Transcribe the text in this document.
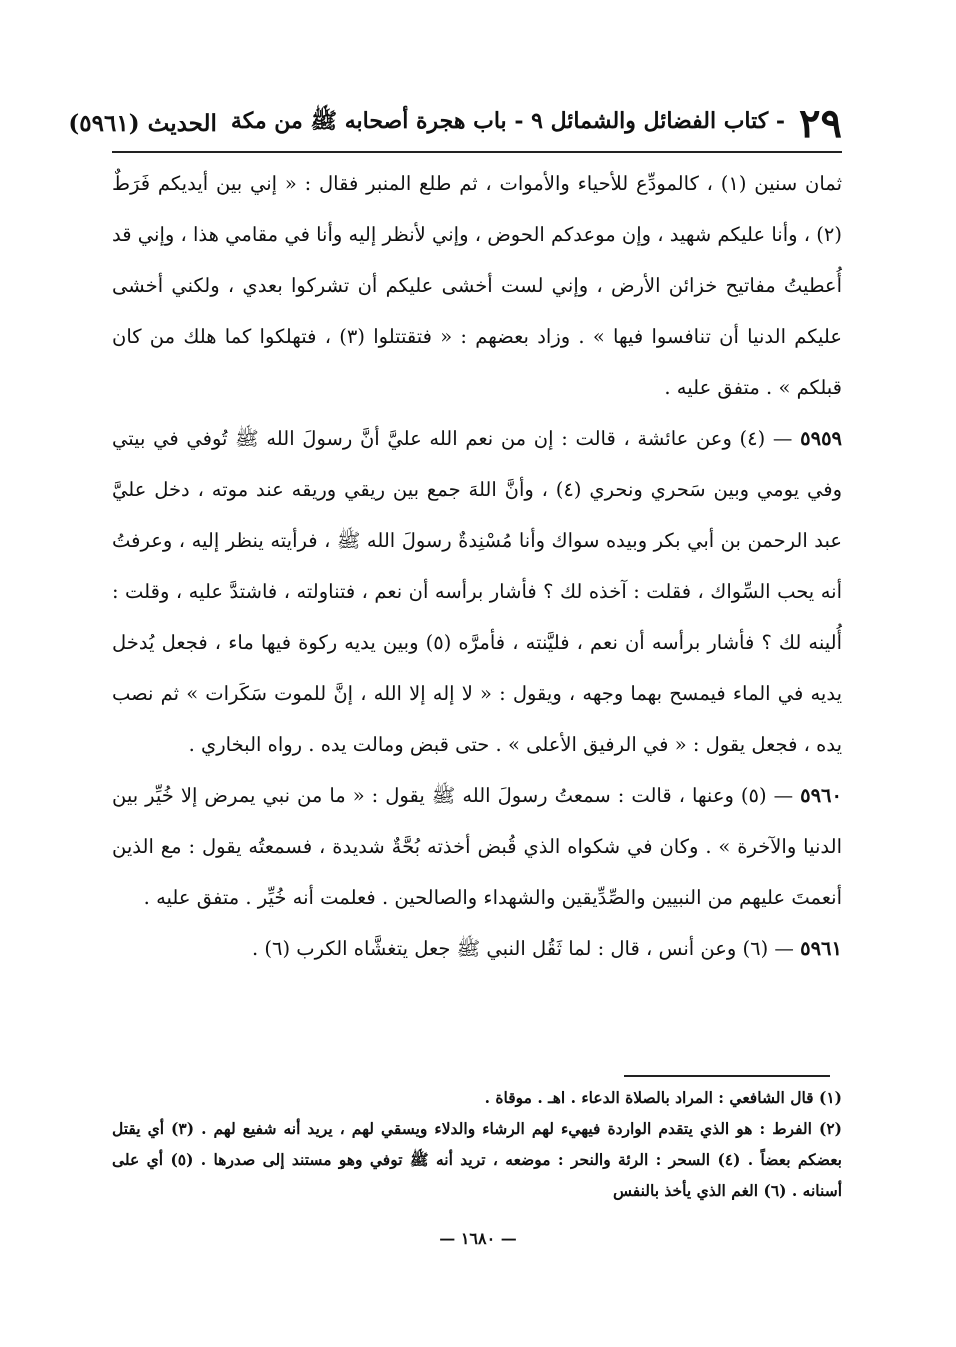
٢٩
- كتاب الفضائل والشمائل ٩ - باب هجرة أصحابه ﷺ من مكة
الحديث (٥٩٦١)

ثمان سنين (١) ، كالمودِّع للأحياء والأموات ، ثم طلع المنبر فقال : « إني بين أيديكم فَرَطٌ (٢) ، وأنا عليكم شهيد ، وإن موعدكم الحوض ، وإني لأنظر إليه وأنا في مقامي هذا ، وإني قد أُعطيتُ مفاتيح خزائن الأرض ، وإني لست أخشى عليكم أن تشركوا بعدي ، ولكني أخشى عليكم الدنيا أن تنافسوا فيها » . وزاد بعضهم : « فتقتتلوا (٣) ، فتهلكوا كما هلك من كان قبلكم » . متفق عليه .

٥٩٥٩ — (٤) وعن عائشة ، قالت : إن من نعم الله عليَّ أنَّ رسولَ الله ﷺ تُوفي في بيتي وفي يومي وبين سَحري ونحري (٤) ، وأنَّ اللهَ جمع بين ريقي وريقه عند موته ، دخل عليَّ عبد الرحمن بن أبي بكر وبيده سواك وأنا مُسْنِدةٌ رسولَ الله ﷺ ، فرأيته ينظر إليه ، وعرفتُ أنه يحب السِّواك ، فقلت : آخذه لك ؟ فأشار برأسه أن نعم ، فتناولته ، فاشتدَّ عليه ، وقلت : أُلينه لك ؟ فأشار برأسه أن نعم ، فليَّنته ، فأمرَّه (٥) وبين يديه ركوة فيها ماء ، فجعل يُدخل يديه في الماء فيمسح بهما وجهه ، ويقول : « لا إله إلا الله ، إنَّ للموت سَكَرات » ثم نصب يده ، فجعل يقول : « في الرفيق الأعلى » . حتى قبض ومالت يده . رواه البخاري .

٥٩٦٠ — (٥) وعنها ، قالت : سمعتُ رسولَ الله ﷺ يقول : « ما من نبي يمرض إلا خُيِّر بين الدنيا والآخرة » . وكان في شكواه الذي قُبض أخذته بُحَّةٌ شديدة ، فسمعتُه يقول : مع الذين أنعمتَ عليهم من النبيين والصِّدِّيقين والشهداء والصالحين . فعلمت أنه خُيِّر . متفق عليه .

٥٩٦١ — (٦) وعن أنس ، قال : لما ثَقُل النبي ﷺ جعل يتغشَّاه الكرب (٦) .

(١) قال الشافعي : المراد بالصلاة الدعاء . اهـ . موقاة .

(٢) الفرط : هو الذي يتقدم الواردة فيهيء لهم الرشاء والدلاء ويسقي لهم ، يريد أنه شفيع لهم . (٣) أي يقتل بعضكم بعضاً . (٤) السحر : الرئة والنحر : موضعه ، تريد أنه ﷺ توفي وهو مستند إلى صدرها . (٥) أي على أسنانه . (٦) الغم الذي يأخذ بالنفس

— ١٦٨٠ —
